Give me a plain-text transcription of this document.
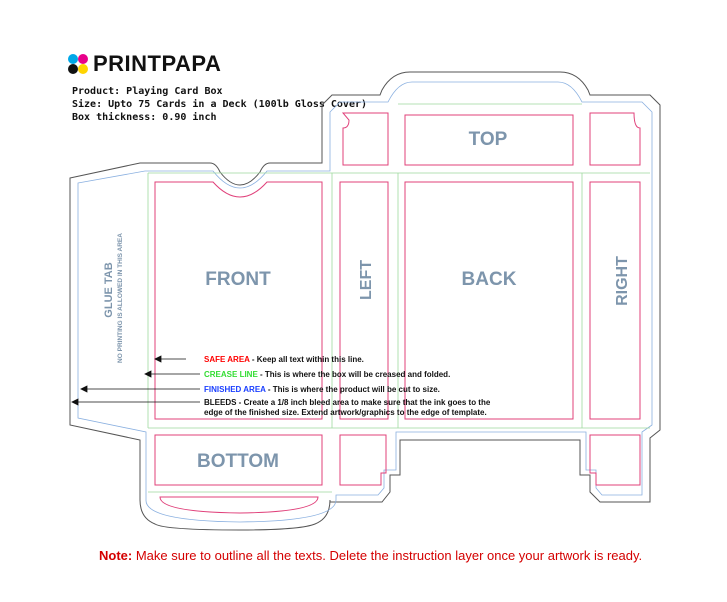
PRINTPAPA
Product: Playing Card Box
Size: Upto 75 Cards in a Deck (100lb Gloss Cover)
Box thickness: 0.90 inch
TOP
FRONT	BACK
LEFT	RIGHT
BOTTOM
GLUE TAB NO PRINTING IS ALLOWED IN THIS AREA	SAFE AREA - Keep all text within this line.
CREASE LINE - This is where the box will be creased and folded.
FINISHED AREA - This is where the product will be cut to size.
BLEEDS - Create a 1/8 inch bleed area to make sure that the ink goes to the
edge of the finished size. Extend artwork/graphics to the edge of template.
Note: Make sure to outline all the texts. Delete the instruction layer once your artwork is ready.
